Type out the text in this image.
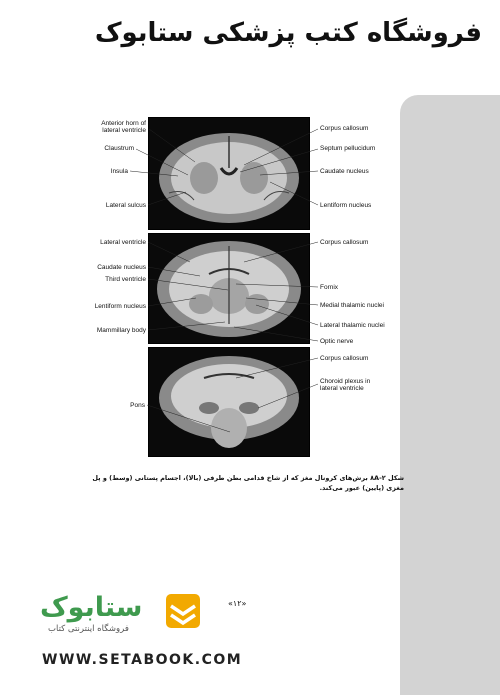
فروشگاه کتب پزشکی ستابوک
Anterior horn of
lateral ventricle
Claustrum
Insula
Lateral sulcus
Corpus callosum
Septum pellucidum
Caudate nucleus
Lentiform nucleus
Lateral ventricle
Caudate nucleus
Third ventricle
Lentiform nucleus
Mammillary body
Corpus callosum
Fornix
Medial thalamic nuclei
Lateral thalamic nuclei
Optic nerve
Pons
Corpus callosum
Choroid plexus in
lateral ventricle
شکل ۲-۸A برش‌های کرونال مغز که از شاخ قدامی بطن طرفی (بالا)، اجسام پستانی (وسط) و پل مغزی (پایین) عبور می‌کند.
«۱۲»
ستابوک
فروشگاه اینترنتی کتاب
WWW.SETABOOK.COM
